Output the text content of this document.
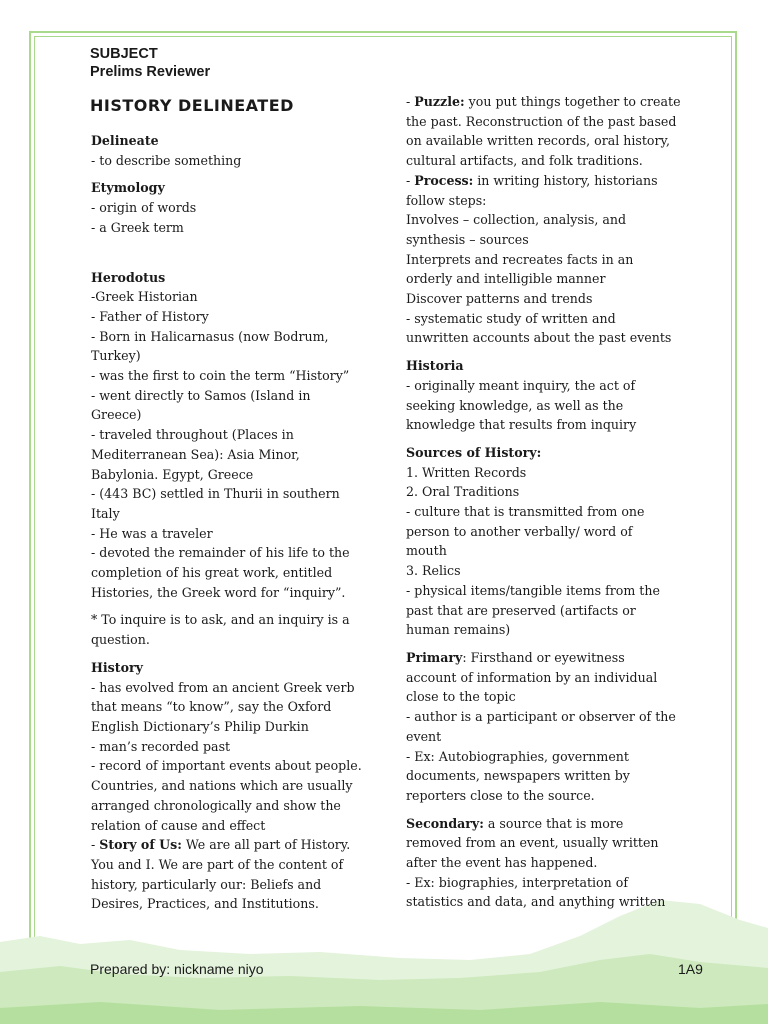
SUBJECT
Prelims Reviewer
HISTORY DELINEATED
Delineate
- to describe something
Etymology
- origin of words
- a Greek term
Herodotus
-Greek Historian
- Father of History
- Born in Halicarnasus (now Bodrum,
Turkey)
- was the first to coin the term “History”
- went directly to Samos (Island in
Greece)
- traveled throughout (Places in
Mediterranean Sea): Asia Minor,
Babylonia. Egypt, Greece
- (443 BC) settled in Thurii in southern
Italy
- He was a traveler
- devoted the remainder of his life to the
completion of his great work, entitled
Histories, the Greek word for “inquiry”.
* To inquire is to ask, and an inquiry is a
question.
History
- has evolved from an ancient Greek verb
that means “to know”, say the Oxford
English Dictionary’s Philip Durkin
- man’s recorded past
- record of important events about people.
Countries, and nations which are usually
arranged chronologically and show the
relation of cause and effect
- Story of Us: We are all part of History.
You and I. We are part of the content of
history, particularly our: Beliefs and
Desires, Practices, and Institutions.
- Puzzle: you put things together to create
the past. Reconstruction of the past based
on available written records, oral history,
cultural artifacts, and folk traditions.
- Process: in writing history, historians
follow steps:
Involves – collection, analysis, and
synthesis – sources
Interprets and recreates facts in an
orderly and intelligible manner
Discover patterns and trends
- systematic study of written and
unwritten accounts about the past events
Historia
- originally meant inquiry, the act of
seeking knowledge, as well as the
knowledge that results from inquiry
Sources of History:
1. Written Records
2. Oral Traditions
- culture that is transmitted from one
person to another verbally/ word of
mouth
3. Relics
- physical items/tangible items from the
past that are preserved (artifacts or
human remains)
Primary: Firsthand or eyewitness
account of information by an individual
close to the topic
- author is a participant or observer of the
event
- Ex: Autobiographies, government
documents, newspapers written by
reporters close to the source.
Secondary: a source that is more
removed from an event, usually written
after the event has happened.
- Ex: biographies, interpretation of
statistics and data, and anything written
Prepared by: nickname niyo	1A9
